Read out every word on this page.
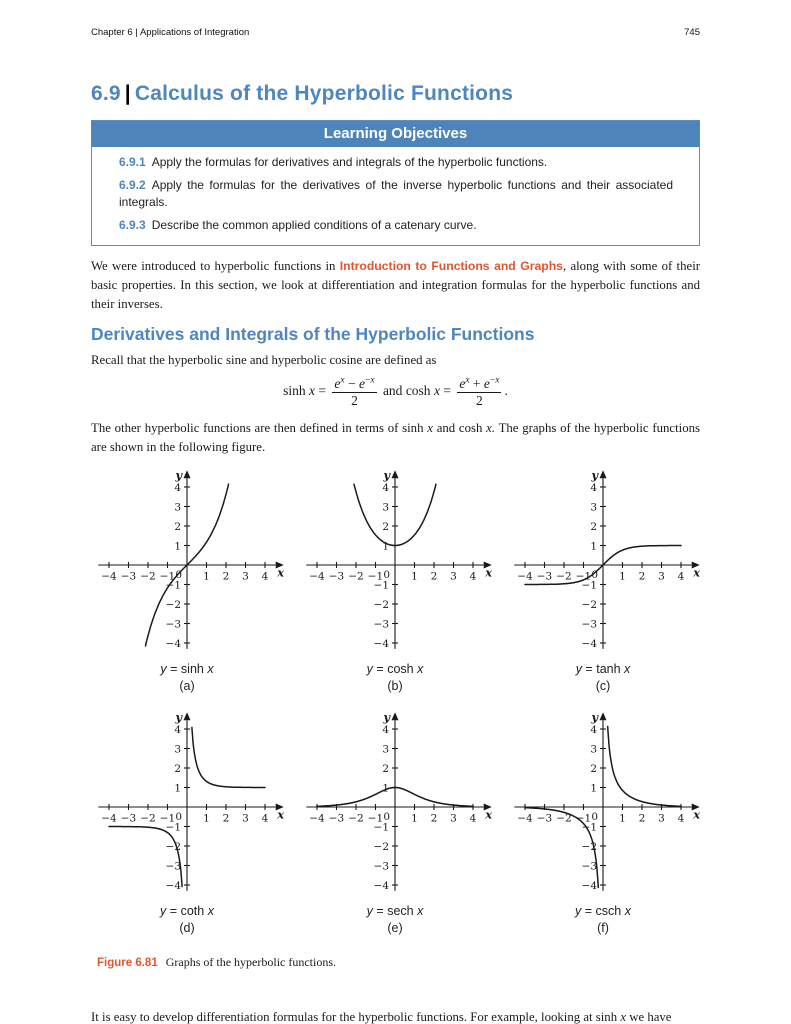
Chapter 6 | Applications of Integration	745
6.9 | Calculus of the Hyperbolic Functions
Learning Objectives

6.9.1 Apply the formulas for derivatives and integrals of the hyperbolic functions.

6.9.2 Apply the formulas for the derivatives of the inverse hyperbolic functions and their associated integrals.

6.9.3 Describe the common applied conditions of a catenary curve.

We were introduced to hyperbolic functions in Introduction to Functions and Graphs, along with some of their basic properties. In this section, we look at differentiation and integration formulas for the hyperbolic functions and their inverses.

Derivatives and Integrals of the Hyperbolic Functions

Recall that the hyperbolic sine and hyperbolic cosine are defined as

$\sinh x = \frac{e^x - e^{-x}}{2}$ and $\cosh x = \frac{e^x + e^{-x}}{2}$ .

The other hyperbolic functions are then defined in terms of sinh x and cosh x. The graphs of the hyperbolic functions are shown in the following figure.

−4 −3 −2 −1	1 2 3 4
−4
−3
−2
−1
1
2
3
4
0
y
x
y = sinh x
(a)
−4 −3 −2 −1	1 2 3 4
−4
−3
−2
−1
1
2
3
4
0
y
x
y = cosh x
(b)
−4 −3 −2 −1	1 2 3 4
−4
−3
−2
−1
1
2
3
4
0
y
x
y = tanh x
(c)
−4 −3 −2 −1	1 2 3 4
−4
−3
−2
−1
1
2
3
4
0
y
x
y = coth x
(d)
−4 −3 −2 −1	1 2 3 4
−4
−3
−2
−1
1
2
3
4
0
y
x
y = sech x
(e)
−4 −3 −2 −1	1 2 3 4
−4
−3
−2
−1
1
2
3
4
0
y
x
y = csch x
(f)
Figure 6.81 Graphs of the hyperbolic functions.

It is easy to develop differentiation formulas for the hyperbolic functions. For example, looking at sinh x we have
